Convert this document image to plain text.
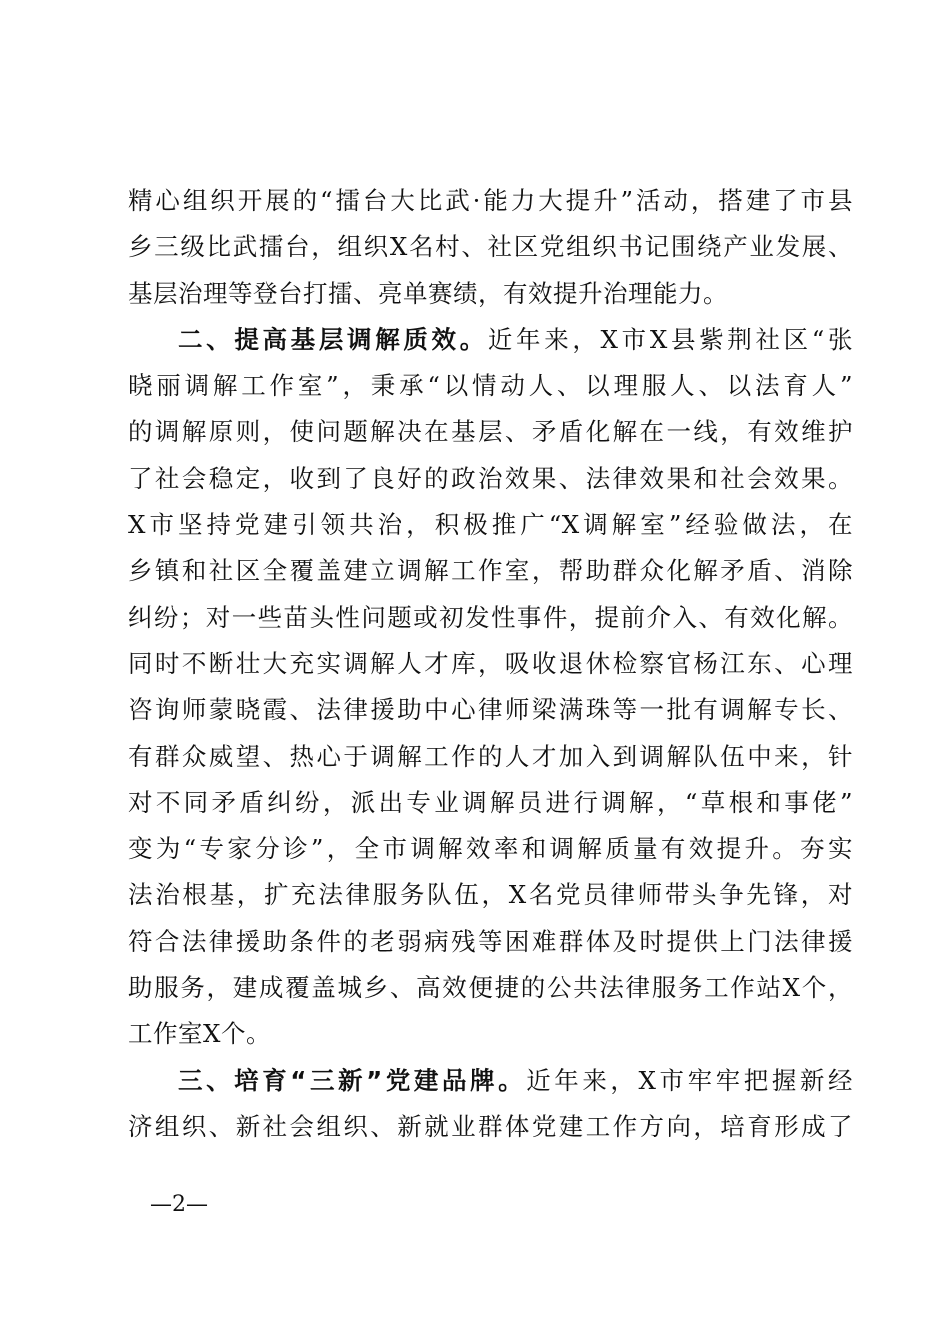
精心组织开展的“擂台大比武·能力大提升”活动，搭建了市县
乡三级比武擂台，组织X名村、社区党组织书记围绕产业发展、
基层治理等登台打擂、亮单赛绩，有效提升治理能力。
二、提高基层调解质效。近年来，X市X县紫荆社区“张
晓丽调解工作室”，秉承“以情动人、以理服人、以法育人”
的调解原则，使问题解决在基层、矛盾化解在一线，有效维护
了社会稳定，收到了良好的政治效果、法律效果和社会效果。
X市坚持党建引领共治，积极推广“X调解室”经验做法，在
乡镇和社区全覆盖建立调解工作室，帮助群众化解矛盾、消除
纠纷；对一些苗头性问题或初发性事件，提前介入、有效化解。
同时不断壮大充实调解人才库，吸收退休检察官杨江东、心理
咨询师蒙晓霞、法律援助中心律师梁满珠等一批有调解专长、
有群众威望、热心于调解工作的人才加入到调解队伍中来，针
对不同矛盾纠纷，派出专业调解员进行调解，“草根和事佬”
变为“专家分诊”，全市调解效率和调解质量有效提升。夯实
法治根基，扩充法律服务队伍，X名党员律师带头争先锋，对
符合法律援助条件的老弱病残等困难群体及时提供上门法律援
助服务，建成覆盖城乡、高效便捷的公共法律服务工作站X个，
工作室X个。
三、培育“三新”党建品牌。近年来，X市牢牢把握新经
济组织、新社会组织、新就业群体党建工作方向，培育形成了
—2—
